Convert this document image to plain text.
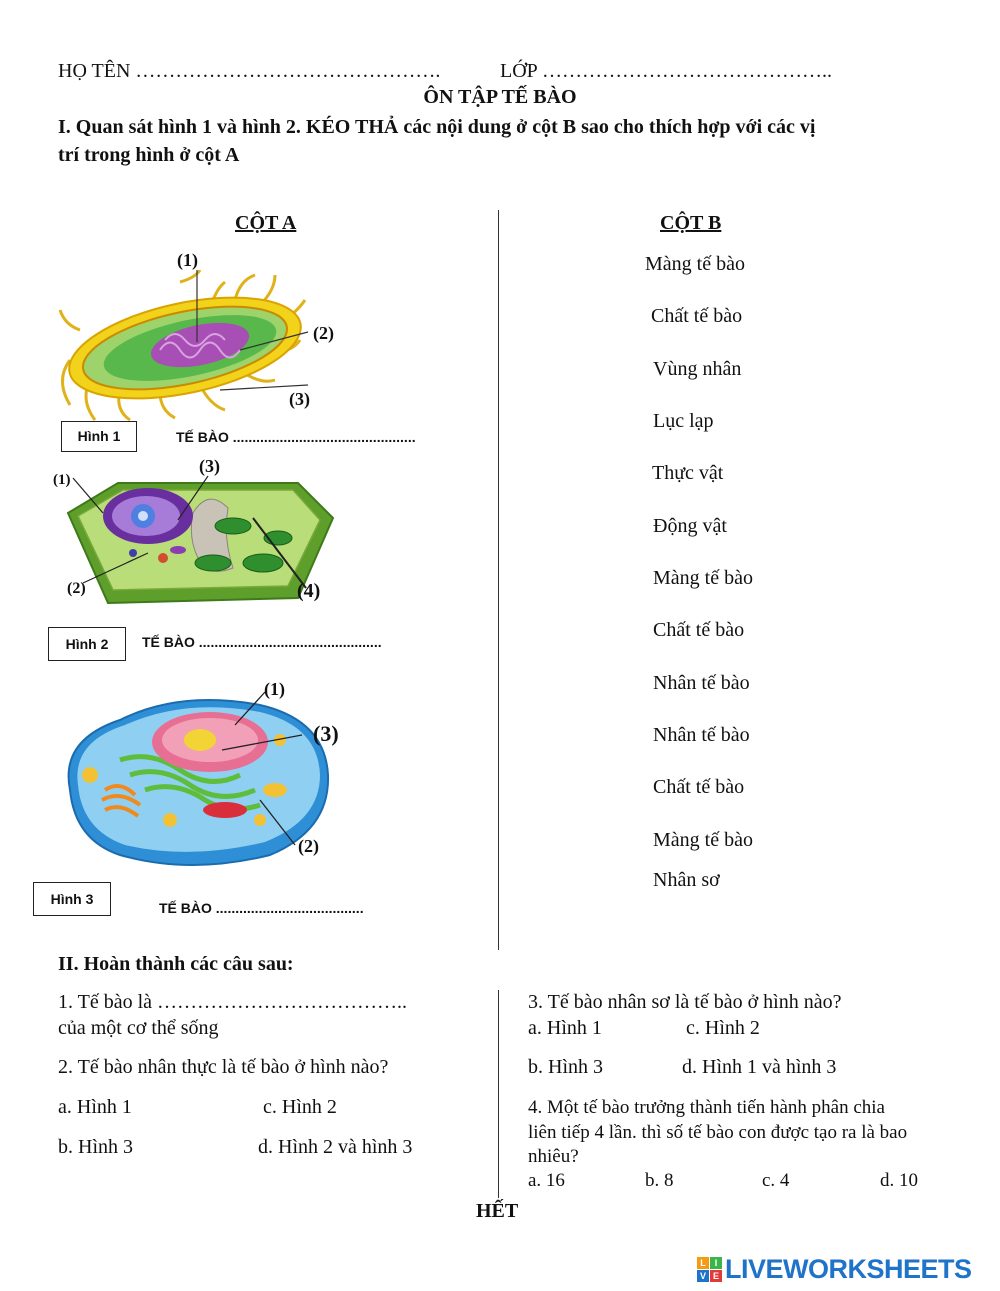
HỌ TÊN ……………………………………….	LỚP ……………………………………..
ÔN TẬP TẾ BÀO
I. Quan sát hình 1 và hình 2. KÉO THẢ các nội dung ở cột B sao cho thích hợp với các vị
trí trong hình ở cột A
CỘT A	CỘT B
(1)
(2)
(3)
Hình 1	TẾ BÀO ...............................................
(1)
(3)
(2)	(4)
Hình 2	TẾ BÀO ...............................................
(1)
(3)
(2)
Hình 3
TẾ BÀO ......................................
Màng tế bào
Chất tế bào
Vùng nhân
Lục lạp
Thực vật
Động vật
Màng tế bào
Chất tế bào
Nhân tế bào
Nhân tế bào
Chất tế bào
Màng tế bào
Nhân sơ
II. Hoàn thành các câu sau:
1. Tế bào là ………………………………..
của một cơ thể sống
2. Tế bào nhân thực là tế bào ở hình nào?
a. Hình 1	c. Hình 2
b. Hình 3	d. Hình 2 và hình 3
3. Tế bào nhân sơ là tế bào ở hình nào?
a. Hình 1	c. Hình 2
b. Hình 3	d. Hình 1 và hình 3
4. Một tế bào trưởng thành tiến hành phân chia
liên tiếp 4 lần. thì số tế bào con được tạo ra là bao
nhiêu?
a. 16	b. 8	c. 4	d. 10
HẾT
L I
V E LIVEWORKSHEETS
